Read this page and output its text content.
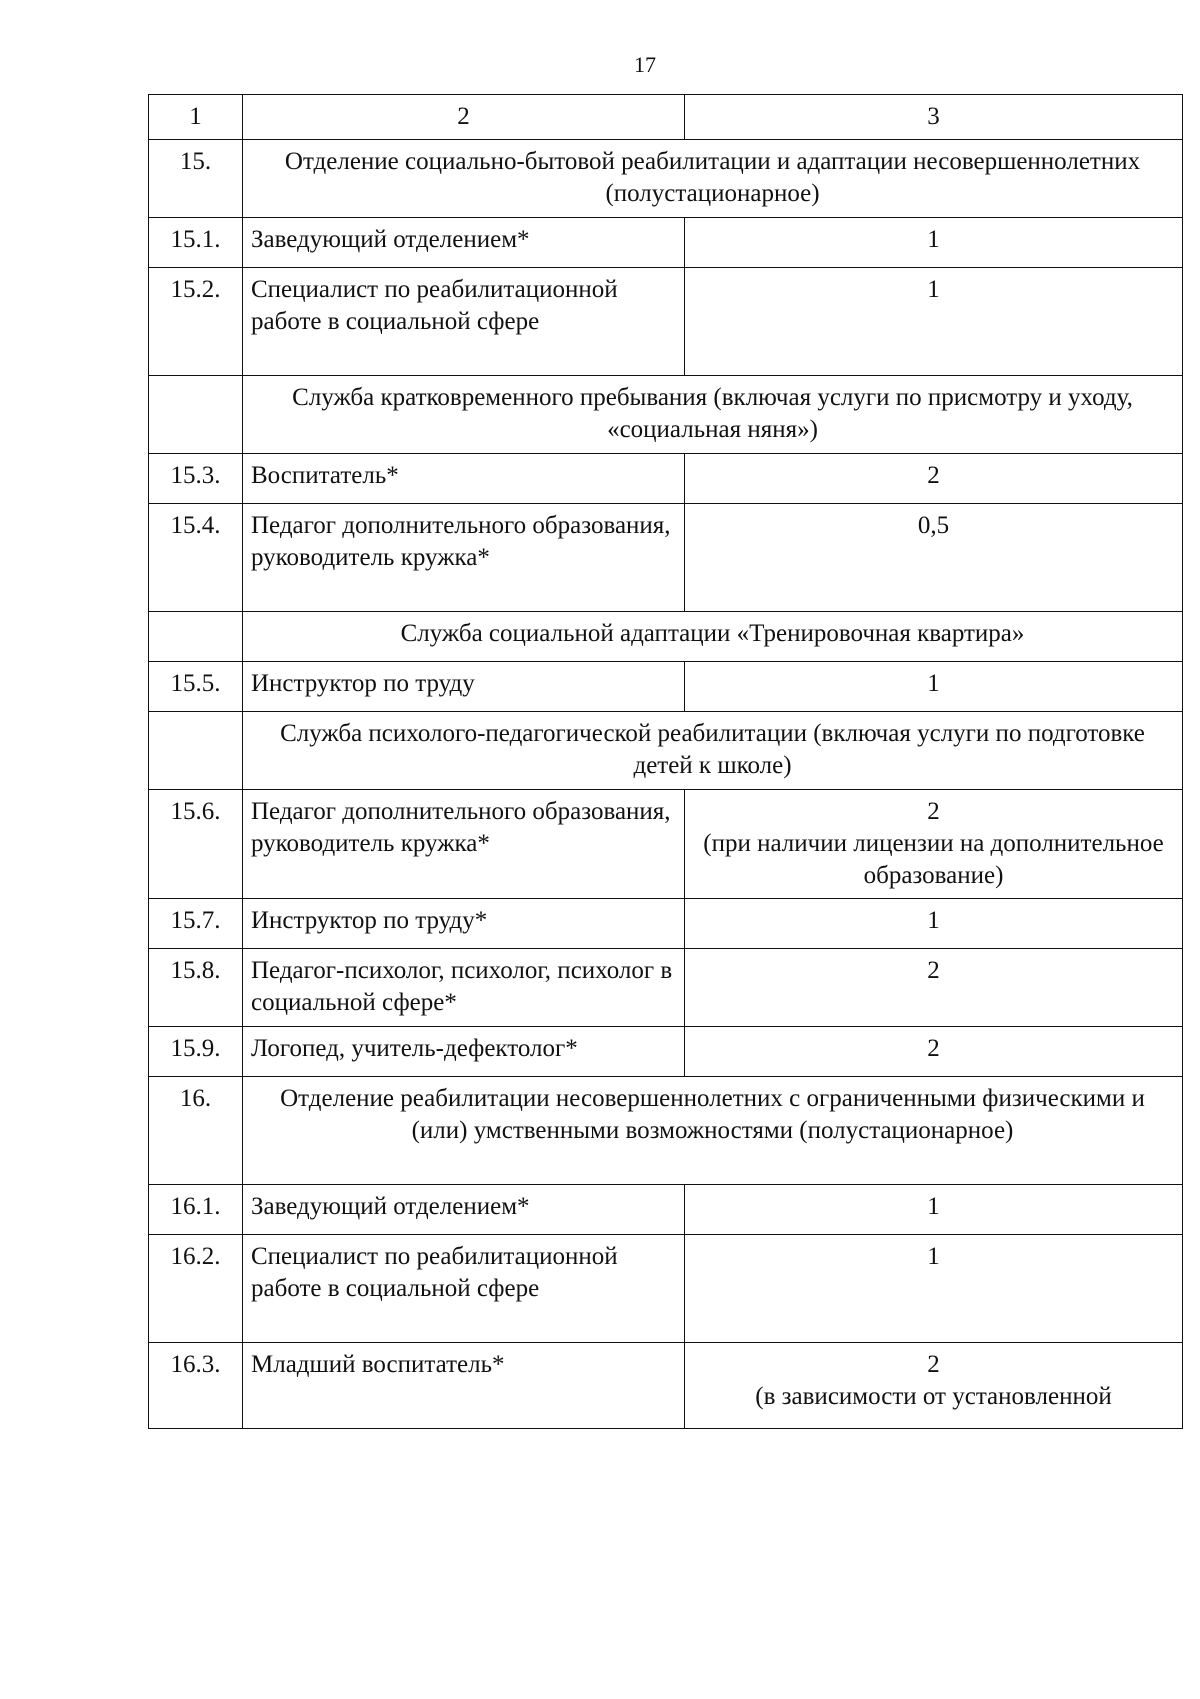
17
1	2	3
15.	Отделение социально-бытовой реабилитации и адаптации несовершеннолетних (полустационарное)	
15.1.	Заведующий отделением*	1

15.2.	Специалист по реабилитационной работе в социальной сфере	1

	Служба кратковременного пребывания (включая услуги по присмотру и уходу, «социальная няня»)	
15.3.	Воспитатель*	2

15.4.	Педагог дополнительного образования, руководитель кружка*	0,5

	Служба социальной адаптации «Тренировочная квартира»	
15.5.	Инструктор по труду	1

	Служба психолого-педагогической реабилитации (включая услуги по подготовке детей к школе)	
15.6.	Педагог дополнительного образования, руководитель кружка*	2
(при наличии лицензии на дополнительное образование)

15.7.	Инструктор по труду*	1

15.8.	Педагог-психолог, психолог, психолог в социальной сфере*	2

15.9.	Логопед, учитель-дефектолог*	2

16.	Отделение реабилитации несовершеннолетних с ограниченными физическими и (или) умственными возможностями (полустационарное)	
16.1.	Заведующий отделением*	1

16.2.	Специалист по реабилитационной работе в социальной сфере	1

16.3.	Младший воспитатель*	2
(в зависимости от установленной
